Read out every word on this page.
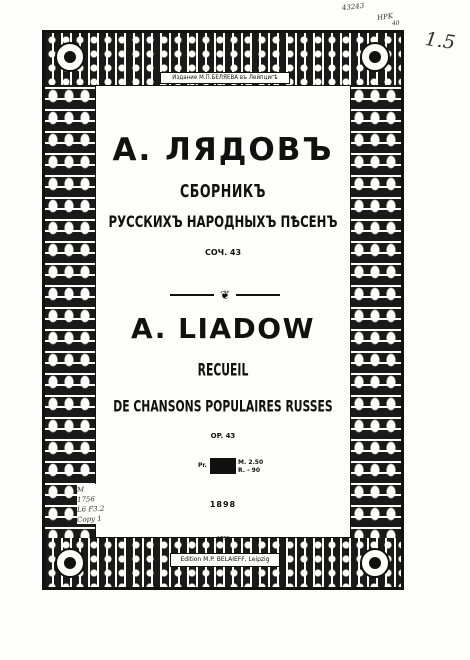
Издание М.П.БЕЛЯЕВА въ Лейпцигѣ
А. ЛЯДОВЪ
СБОРНИКЪ
РУССКИХЪ НАРОДНЫХЪ ПѢСЕНЪ
СОЧ. 43
❦
A. LIADOW
RECUEIL
DE CHANSONS POPULAIRES RUSSES
OP. 43
Pr.	M. 2.50
R. - 90
1898
1730
Edition M.P. BELAIEFF, Leipzig
43243
HPK
40
1.5
M
1756
L6 F3.2
Copy 1
